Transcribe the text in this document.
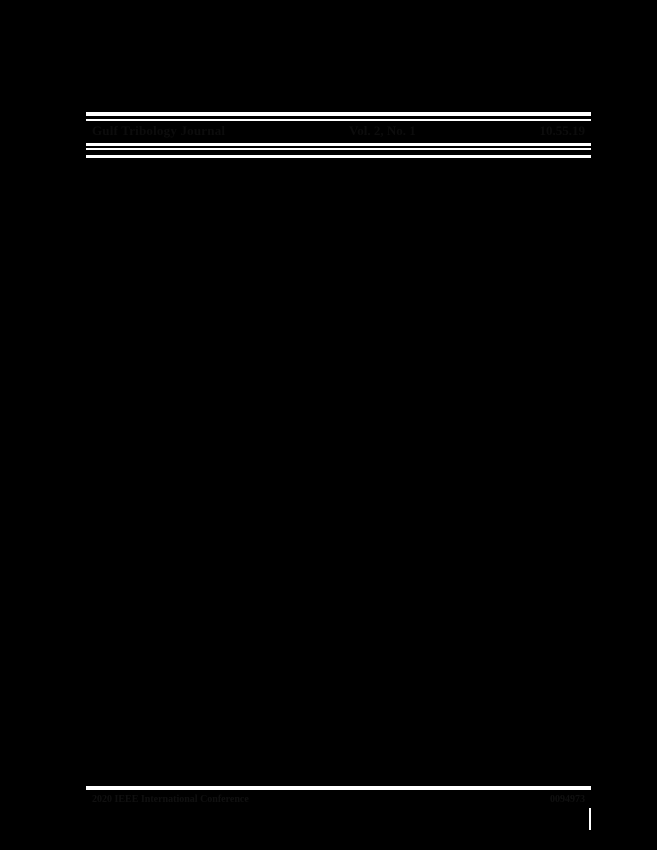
Gulf Tribology Journal	Vol. 2, No. 1	10.55.19

2020 IEEE International Conference	0094973
